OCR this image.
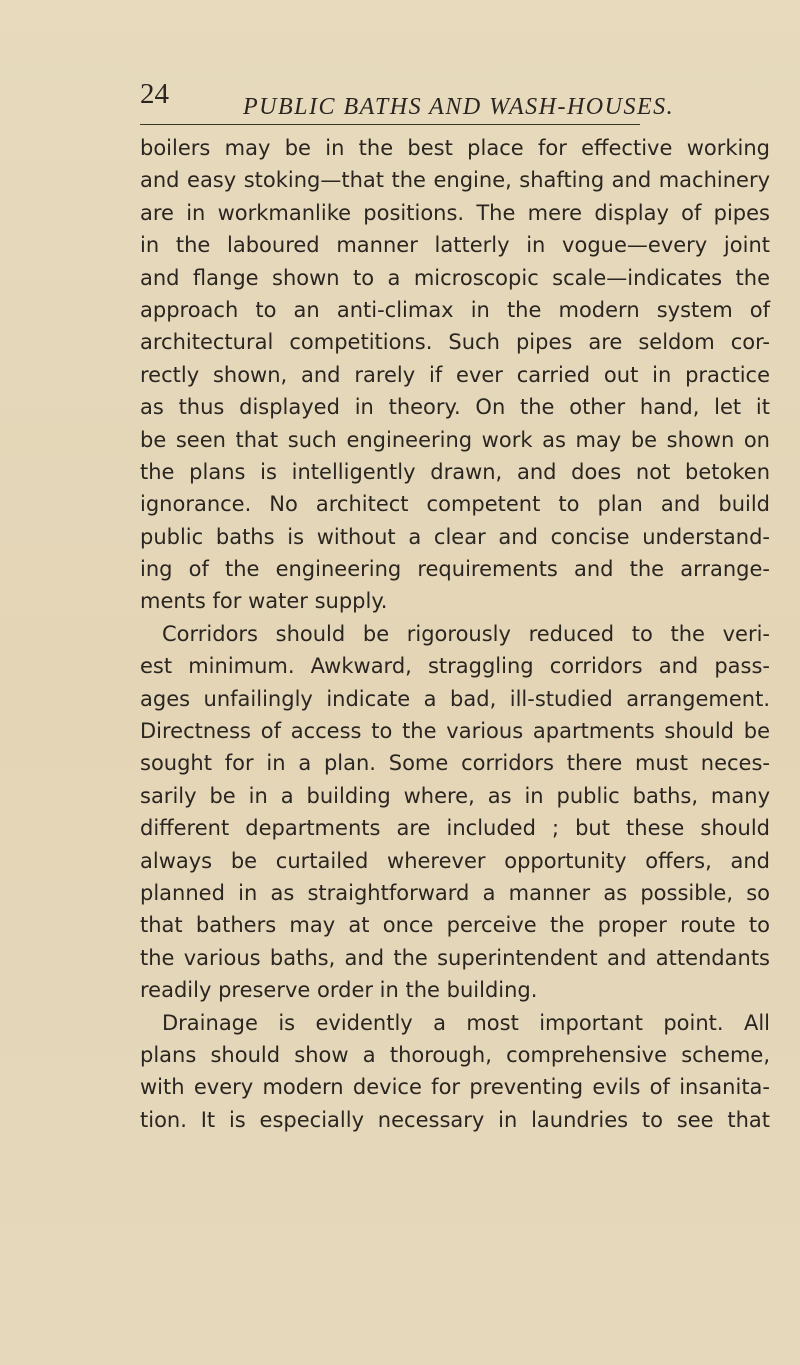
24	PUBLIC BATHS AND WASH-HOUSES.
boilers may be in the best place for effective working
and easy stoking—that the engine, shafting and machinery
are in workmanlike positions. The mere display of pipes
in the laboured manner latterly in vogue—every joint
and flange shown to a microscopic scale—indicates the
approach to an anti-climax in the modern system of
architectural competitions. Such pipes are seldom cor-
rectly shown, and rarely if ever carried out in practice
as thus displayed in theory. On the other hand, let it
be seen that such engineering work as may be shown on
the plans is intelligently drawn, and does not betoken
ignorance. No architect competent to plan and build
public baths is without a clear and concise understand-
ing of the engineering requirements and the arrange-
ments for water supply.
Corridors should be rigorously reduced to the veri-
est minimum. Awkward, straggling corridors and pass-
ages unfailingly indicate a bad, ill-studied arrangement.
Directness of access to the various apartments should be
sought for in a plan. Some corridors there must neces-
sarily be in a building where, as in public baths, many
different departments are included ; but these should
always be curtailed wherever opportunity offers, and
planned in as straightforward a manner as possible, so
that bathers may at once perceive the proper route to
the various baths, and the superintendent and attendants
readily preserve order in the building.
Drainage is evidently a most important point. All
plans should show a thorough, comprehensive scheme,
with every modern device for preventing evils of insanita-
tion. It is especially necessary in laundries to see that
